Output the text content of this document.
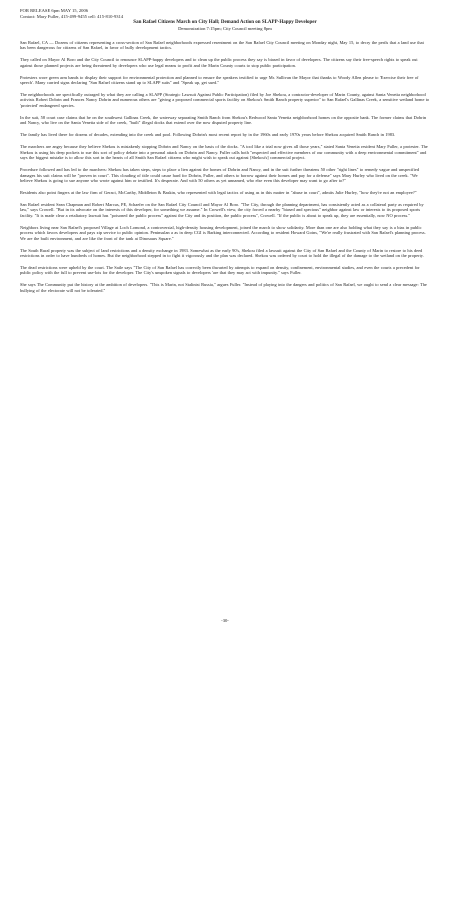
FOR RELEASE 6pm MAY 15, 2006
Contact: Mary Fuller, 415-499-9455 cell: 415-810-9314
San Rafael Citizens March on City Hall; Demand Action on SLAPP-Happy Developer
Demonstration 7:15pm; City Council meeting 8pm

San Rafael, CA — Dozens of citizens representing a cross-section of San Rafael neighborhoods expressed resentment on the San Rafael City Council meeting on Monday night, May 15, to decry the perils that a land use that has been dangerous for citizens of San Rafael, in favor of bully development tactics.

They called on Mayor Al Boro and the City Council to renounce SLAPP-happy developers and to clean up the public process they say is biased in favor of developers. The citizens say their free-speech rights to speak out against those planned projects are being threatened by developers who use legal means to profit and the Marin County courts to stop public participation.

Protesters wore green arm bands to display their support for environmental protection and planned to ensure the speakers testified to urge Mr. Sullivan the Mayor that thanks to Woody Allen please to 'Exercise their free of speech'. Many carried signs declaring "San Rafael citizens stand up to SLAPP suits" and "Speak up, get sued."

The neighborhoods are specifically outraged by what they are calling a SLAPP (Strategic Lawsuit Against Public Participation) filed by Joe Shekou, a contractor-developer of Marin County, against Santa Venetia neighborhood activists Robert Dobrin and Frances Nancy Dobrin and numerous others are "giving a proposed commercial sports facility on Shekou's Smith Ranch property superior" to San Rafael's Gallinas Creek, a sensitive wetland home to 'protected' endangered species.

In the suit, 58 court case claims that he on the southwest Gallinas Creek, the waterway separating Smith Ranch from Shekou's Redwood Santa Venetia neighborhood homes on the opposite bank. The former claims that Dobrin and Nancy, who live on the Santa Venetia side of the creek, "built" illegal docks that extend over the now disputed property line.

The family has lived there for dozens of decades, extending into the creek and pool. Following Dobrin's most recent report by in the 1960s and early 1970s years before Shekou acquired Smith Ranch in 1983.

The marchers are angry because they believe Shekou is mistakenly stopping Dobrin and Nancy on the basis of the docks. "A tool like a trial now gives all those years," stated Santa Venetia resident Mary Fuller, a protester. The Shekou is using his deep pockets to sue this sort of policy debate into a personal attack on Dobrin and Nancy. Fuller calls both "respected and effective members of our community with a deep environmental commitment" and says the biggest mistake is to allow this sort in the hearts of all Smith San Rafael citizens who might wish to speak out against [Shekou's] commercial project.

Procedure followed and has led to the marchers: Shekou has taken steps, steps to place a lien against the homes of Dobrin and Nancy, and in the suit further threatens 50 other "right lines" to remedy vague and unspecified damages his suit claims will be "proven in court". This clouding of title could cause hard for Dobrin, Fuller, and others to borrow against their homes and pay for a defense" says Mary Hurley who lived on the creek. "We believe Shekou is going to sue anyone who wrote against him or testified. It's desperate. And with 50 others as yet unnamed, who else even this developer may want to go after to?"

Residents also point fingers at the law firm of Geraci, McCarthy, Middleton & Baskin, who represented with legal tactics of using as in this matter in "abuse in court", admits Julie Hurley, "how they're not an employee?"

San Rafael resident Sean Chapman and Robert Marcus, PE, Schaefer on the San Rafael City Council and Mayor Al Boro. "The City, through the planning department, has consistently acted as a collateral party as required by law," says Crowell. "But in its advocate on the interests of this developer, for something we assume." In Crowell's view, the city forced a nearby "biased and specious" neighbor against law or interests to its proposed sports facility. "It is made clear a retaliatory lawsuit has "poisoned the public process" against the City and its position, the public process", Crowell. "If the public is about to speak up, they are essentially, now NO process."

Neighbors living near San Rafael's proposed Village at Loch Lomond, a controversial, high-density housing development, joined the march to show solidarity. More than one are also holding what they say is a bias in public process which favors developers and pays zip service to public opinion. Peninsulan a as in deep CGI is Barking interconnected. According to resident Howard Goins, "We're really frustrated with San Rafael's planning process. We are the built environment, and are like the front of the tank at Dinosaurs Square."

The South Rural property was the subject of land restrictions and a density exchange in 1983. Somewhat as the early 90's, Shekou filed a lawsuit against the City of San Rafael and the County of Marin to restore to his deed restrictions in order to have hundreds of homes. But the neighborhood stepped in to fight it vigorously and the plan was declared. Shekou was ordered by court to hold the illegal of the damage to the wetland on the property.

The dead restrictions were upheld by the court. The Saile says "The City of San Rafael has correctly been thwarted by attempts to expand on density, confinement, environmental studies, and even the courts a precedent for public policy with the full to prevent use-lots for the developer. The City's unspoken signals to developers 'are that they may act with impunity." says Fuller.

She says The Community put the history at the ambition of developers. "This is Marin, not Stalinist Russia," argues Fuller. "Instead of playing into the dangers and politics of San Rafael, we ought to send a clear message: The bullying of the electorate will not be tolerated."

-30-
